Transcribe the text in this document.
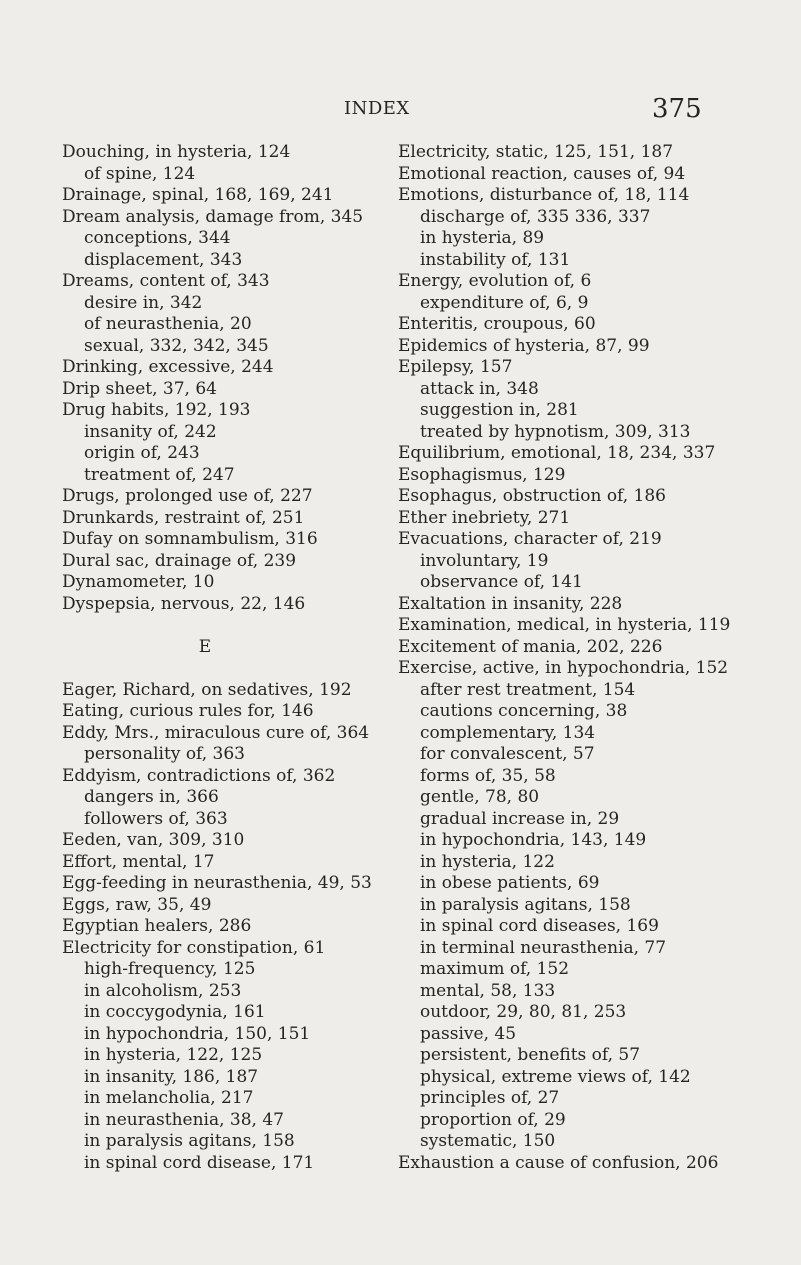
INDEX	375
Douching, in hysteria, 124
of spine, 124
Drainage, spinal, 168, 169, 241
Dream analysis, damage from, 345
conceptions, 344
displacement, 343
Dreams, content of, 343
desire in, 342
of neurasthenia, 20
sexual, 332, 342, 345
Drinking, excessive, 244
Drip sheet, 37, 64
Drug habits, 192, 193
insanity of, 242
origin of, 243
treatment of, 247
Drugs, prolonged use of, 227
Drunkards, restraint of, 251
Dufay on somnambulism, 316
Dural sac, drainage of, 239
Dynamometer, 10
Dyspepsia, nervous, 22, 146
E
Eager, Richard, on sedatives, 192
Eating, curious rules for, 146
Eddy, Mrs., miraculous cure of, 364
personality of, 363
Eddyism, contradictions of, 362
dangers in, 366
followers of, 363
Eeden, van, 309, 310
Effort, mental, 17
Egg-feeding in neurasthenia, 49, 53
Eggs, raw, 35, 49
Egyptian healers, 286
Electricity for constipation, 61
high-frequency, 125
in alcoholism, 253
in coccygodynia, 161
in hypochondria, 150, 151
in hysteria, 122, 125
in insanity, 186, 187
in melancholia, 217
in neurasthenia, 38, 47
in paralysis agitans, 158
in spinal cord disease, 171
Electricity, static, 125, 151, 187
Emotional reaction, causes of, 94
Emotions, disturbance of, 18, 114
discharge of, 335 336, 337
in hysteria, 89
instability of, 131
Energy, evolution of, 6
expenditure of, 6, 9
Enteritis, croupous, 60
Epidemics of hysteria, 87, 99
Epilepsy, 157
attack in, 348
suggestion in, 281
treated by hypnotism, 309, 313
Equilibrium, emotional, 18, 234, 337
Esophagismus, 129
Esophagus, obstruction of, 186
Ether inebriety, 271
Evacuations, character of, 219
involuntary, 19
observance of, 141
Exaltation in insanity, 228
Examination, medical, in hysteria, 119
Excitement of mania, 202, 226
Exercise, active, in hypochondria, 152
after rest treatment, 154
cautions concerning, 38
complementary, 134
for convalescent, 57
forms of, 35, 58
gentle, 78, 80
gradual increase in, 29
in hypochondria, 143, 149
in hysteria, 122
in obese patients, 69
in paralysis agitans, 158
in spinal cord diseases, 169
in terminal neurasthenia, 77
maximum of, 152
mental, 58, 133
outdoor, 29, 80, 81, 253
passive, 45
persistent, benefits of, 57
physical, extreme views of, 142
principles of, 27
proportion of, 29
systematic, 150
Exhaustion a cause of confusion, 206
